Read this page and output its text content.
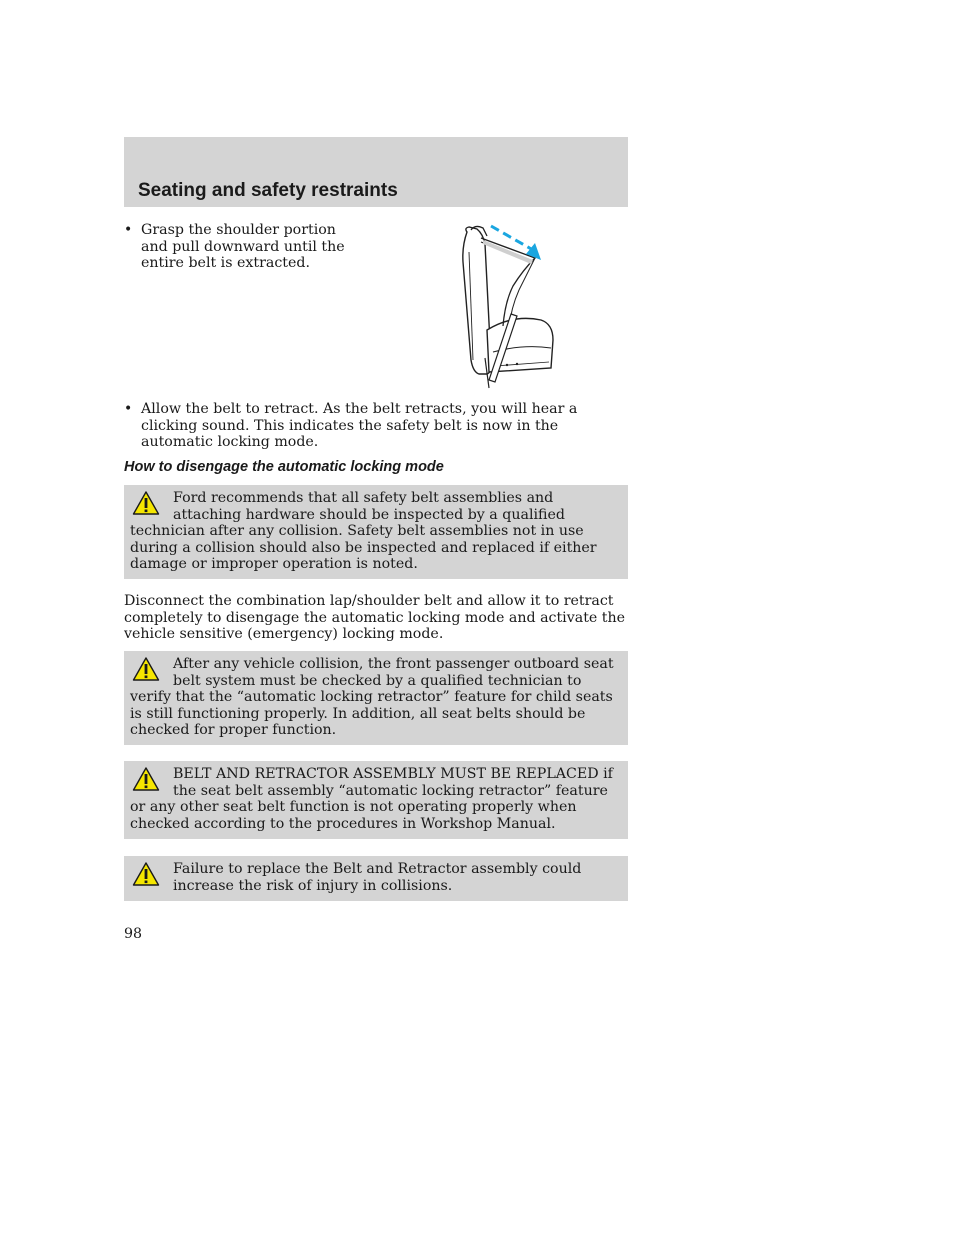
Seating and safety restraints
• Grasp the shoulder portion and pull downward until the entire belt is extracted.
• Allow the belt to retract. As the belt retracts, you will hear a clicking sound. This indicates the safety belt is now in the automatic locking mode.
How to disengage the automatic locking mode
Ford recommends that all safety belt assemblies and attaching hardware should be inspected by a qualified technician after any collision. Safety belt assemblies not in use during a collision should also be inspected and replaced if either damage or improper operation is noted.
Disconnect the combination lap/shoulder belt and allow it to retract completely to disengage the automatic locking mode and activate the vehicle sensitive (emergency) locking mode.
After any vehicle collision, the front passenger outboard seat belt system must be checked by a qualified technician to verify that the “automatic locking retractor” feature for child seats is still functioning properly. In addition, all seat belts should be checked for proper function.
BELT AND RETRACTOR ASSEMBLY MUST BE REPLACED if the seat belt assembly “automatic locking retractor” feature or any other seat belt function is not operating properly when checked according to the procedures in Workshop Manual.
Failure to replace the Belt and Retractor assembly could increase the risk of injury in collisions.
98
